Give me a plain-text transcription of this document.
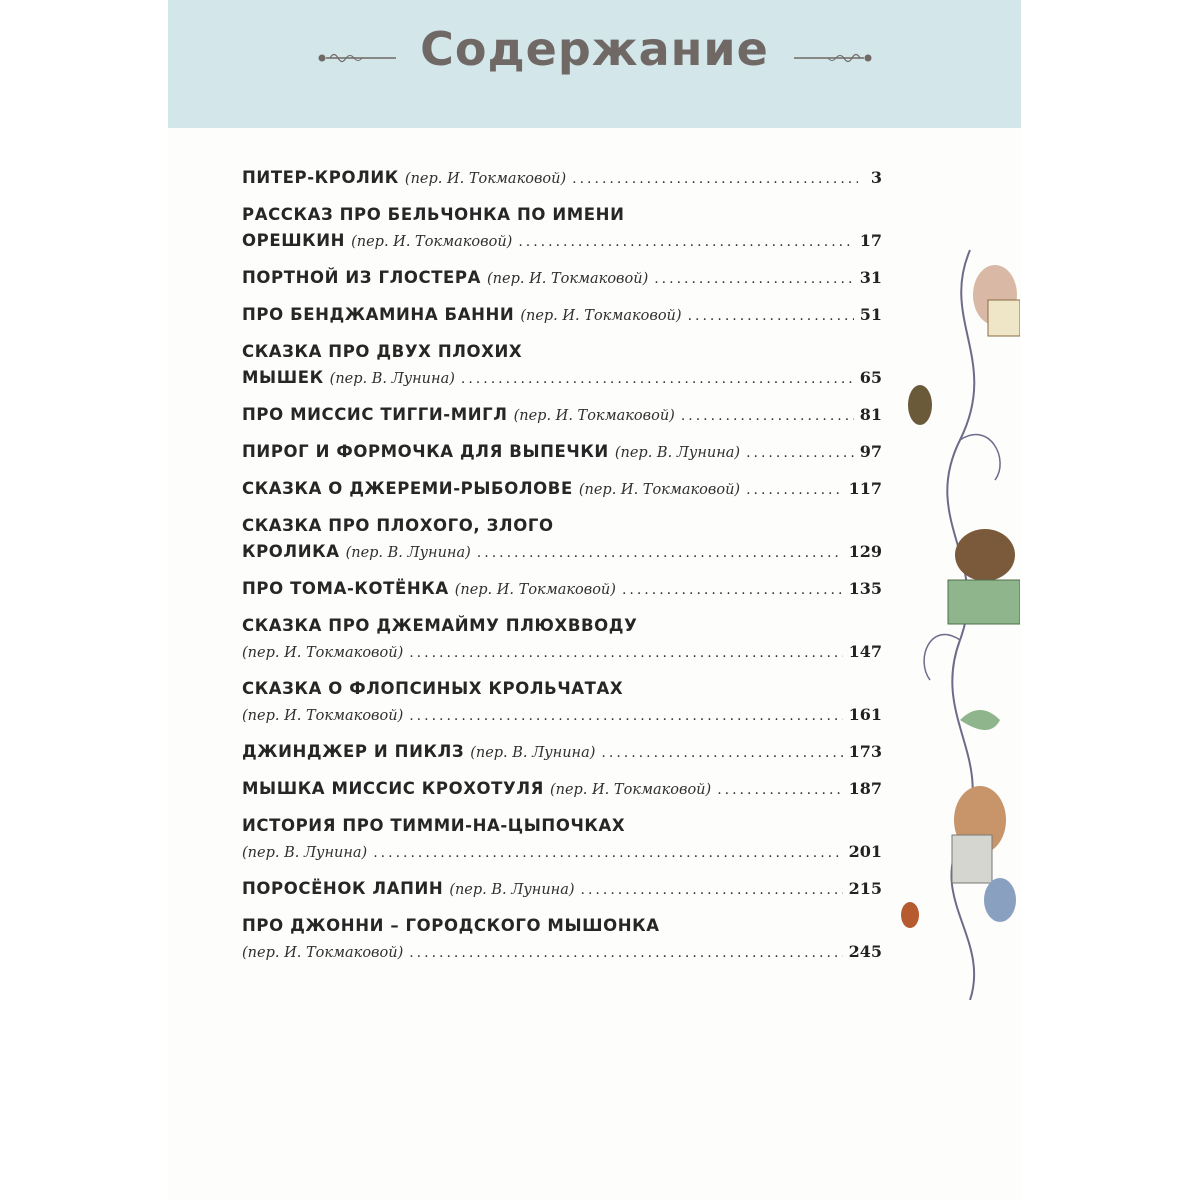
Содержание
ПИТЕР-КРОЛИК (пер. И. Токмаковой) .....	3
РАССКАЗ ПРО БЕЛЬЧОНКА ПО ИМЕНИ
ОРЕШКИН (пер. И. Токмаковой) .....	17
ПОРТНОЙ ИЗ ГЛОСТЕРА (пер. И. Токмаковой) .....	31
ПРО БЕНДЖАМИНА БАННИ (пер. И. Токмаковой) .....	51
СКАЗКА ПРО ДВУХ ПЛОХИХ
МЫШЕК (пер. В. Лунина) .....	65
ПРО МИССИС ТИГГИ-МИГЛ (пер. И. Токмаковой) .....	81
ПИРОГ И ФОРМОЧКА ДЛЯ ВЫПЕЧКИ (пер. В. Лунина) .....	97
СКАЗКА О ДЖЕРЕМИ-РЫБОЛОВЕ (пер. И. Токмаковой) .....	117
СКАЗКА ПРО ПЛОХОГО, ЗЛОГО
КРОЛИКА (пер. В. Лунина) .....	129
ПРО ТОМА-КОТЁНКА (пер. И. Токмаковой) .....	135
СКАЗКА ПРО ДЖЕМАЙМУ ПЛЮХВВОДУ
(пер. И. Токмаковой) .....	147
СКАЗКА О ФЛОПСИНЫХ КРОЛЬЧАТАХ
(пер. И. Токмаковой) .....	161
ДЖИНДЖЕР И ПИКЛЗ (пер. В. Лунина) .....	173
МЫШКА МИССИС КРОХОТУЛЯ (пер. И. Токмаковой) .....	187
ИСТОРИЯ ПРО ТИММИ-НА-ЦЫПОЧКАХ
(пер. В. Лунина) .....	201
ПОРОСЁНОК ЛАПИН (пер. В. Лунина) .....	215
ПРО ДЖОННИ – ГОРОДСКОГО МЫШОНКА
(пер. И. Токмаковой) .....	245
